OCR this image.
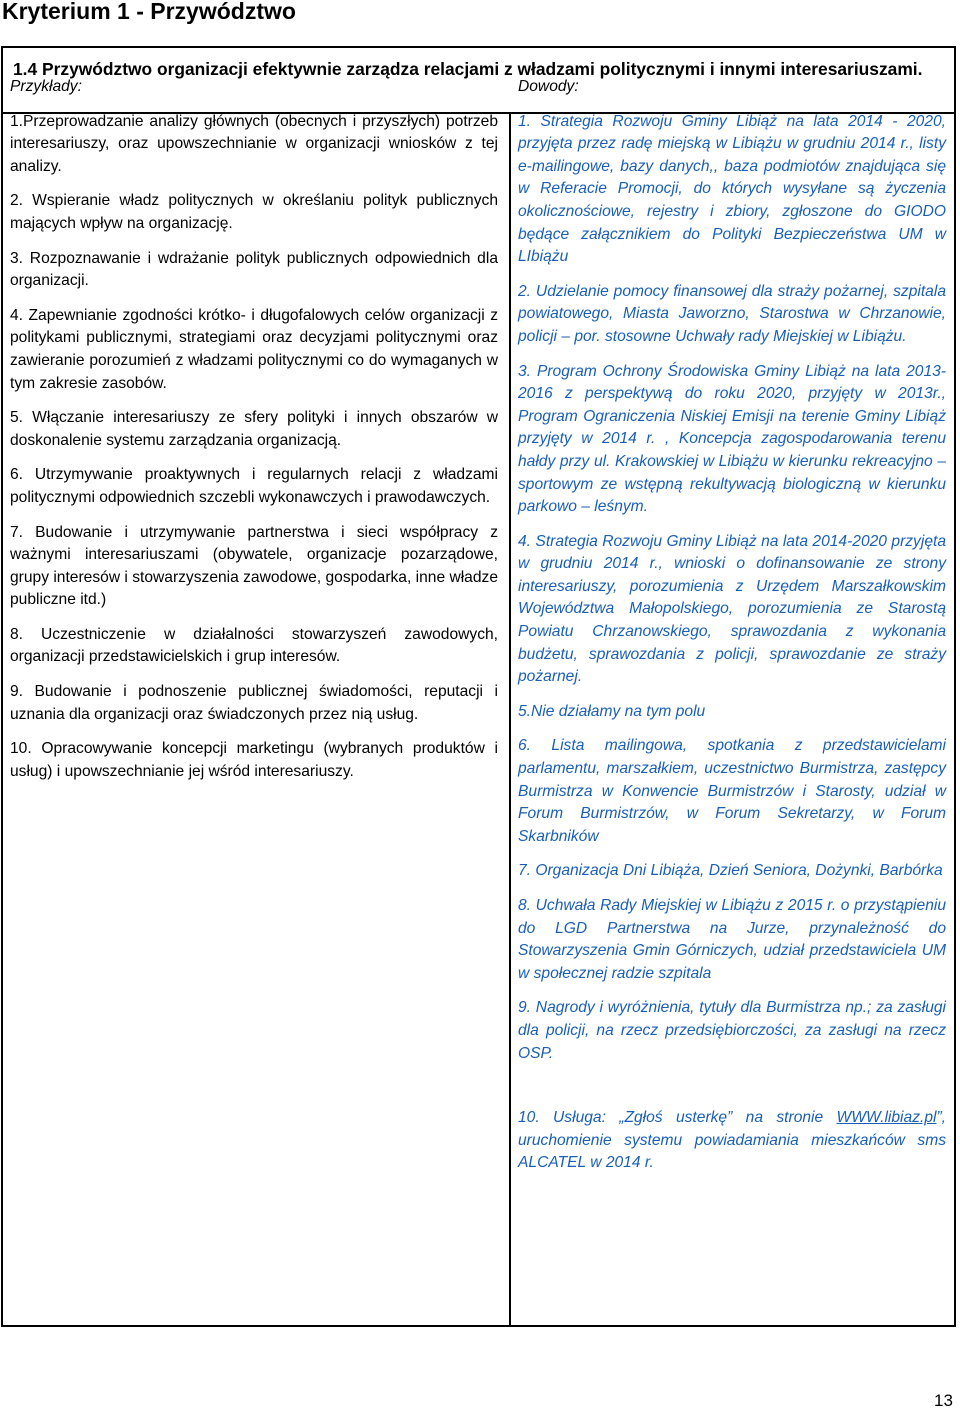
Kryterium 1 - Przywództwo
1.4 Przywództwo organizacji efektywnie zarządza relacjami z władzami politycznymi i innymi interesariuszami.

Przykłady:

1.Przeprowadzanie analizy głównych (obecnych i przyszłych) potrzeb interesariuszy, oraz upowszechnianie w organizacji wniosków z tej analizy.

2. Wspieranie władz politycznych w określaniu polityk publicznych mających wpływ na organizację.

3. Rozpoznawanie i wdrażanie polityk publicznych odpowiednich dla organizacji.

4. Zapewnianie zgodności krótko- i długofalowych celów organizacji z politykami publicznymi, strategiami oraz decyzjami politycznymi oraz zawieranie porozumień z władzami politycznymi co do wymaganych w tym zakresie zasobów.

5. Włączanie interesariuszy ze sfery polityki i innych obszarów w doskonalenie systemu zarządzania organizacją.

6. Utrzymywanie proaktywnych i regularnych relacji z władzami politycznymi odpowiednich szczebli wykonawczych i prawodawczych.

7. Budowanie i utrzymywanie partnerstwa i sieci współpracy z ważnymi interesariuszami (obywatele, organizacje pozarządowe, grupy interesów i stowarzyszenia zawodowe, gospodarka, inne władze publiczne itd.)

8. Uczestniczenie w działalności stowarzyszeń zawodowych, organizacji przedstawicielskich i grup interesów.

9. Budowanie i podnoszenie publicznej świadomości, reputacji i uznania dla organizacji oraz świadczonych przez nią usług.

10. Opracowywanie koncepcji marketingu (wybranych produktów i usług) i upowszechnianie jej wśród interesariuszy.

Dowody:

1. Strategia Rozwoju Gminy Libiąż na lata 2014 - 2020, przyjęta przez radę miejską w Libiążu w grudniu 2014 r., listy e-mailingowe, bazy danych,, baza podmiotów znajdująca się w Referacie Promocji, do których wysyłane są życzenia okolicznościowe, rejestry i zbiory, zgłoszone do GIODO będące załącznikiem do Polityki Bezpieczeństwa UM w LIbiążu

2. Udzielanie pomocy finansowej dla straży pożarnej, szpitala powiatowego, Miasta Jaworzno, Starostwa w Chrzanowie, policji – por. stosowne Uchwały rady Miejskiej w Libiążu.

3. Program Ochrony Środowiska Gminy Libiąż na lata 2013-2016 z perspektywą do roku 2020, przyjęty w 2013r., Program Ograniczenia Niskiej Emisji na terenie Gminy Libiąż przyjęty w 2014 r. , Koncepcja zagospodarowania terenu hałdy przy ul. Krakowskiej w Libiążu w kierunku rekreacyjno – sportowym ze wstępną rekultywacją biologiczną w kierunku parkowo – leśnym.

4. Strategia Rozwoju Gminy Libiąż na lata 2014-2020 przyjęta w grudniu 2014 r., wnioski o dofinansowanie ze strony interesariuszy, porozumienia z Urzędem Marszałkowskim Województwa Małopolskiego, porozumienia ze Starostą Powiatu Chrzanowskiego, sprawozdania z wykonania budżetu, sprawozdania z policji, sprawozdanie ze straży pożarnej.

5.Nie działamy na tym polu

6. Lista mailingowa, spotkania z przedstawicielami parlamentu, marszałkiem, uczestnictwo Burmistrza, zastępcy Burmistrza w Konwencie Burmistrzów i Starosty, udział w Forum Burmistrzów, w Forum Sekretarzy, w Forum Skarbników

7. Organizacja Dni Libiąża, Dzień Seniora, Dożynki, Barbórka

8. Uchwała Rady Miejskiej w Libiążu z 2015 r. o przystąpieniu do LGD Partnerstwa na Jurze, przynależność do Stowarzyszenia Gmin Górniczych, udział przedstawiciela UM w społecznej radzie szpitala

9. Nagrody i wyróżnienia, tytuły dla Burmistrza np.; za zasługi dla policji, na rzecz przedsiębiorczości, za zasługi na rzecz OSP.

10. Usługa: „Zgłoś usterkę” na stronie WWW.libiaz.pl”, uruchomienie systemu powiadamiania mieszkańców sms ALCATEL w 2014 r.

13
